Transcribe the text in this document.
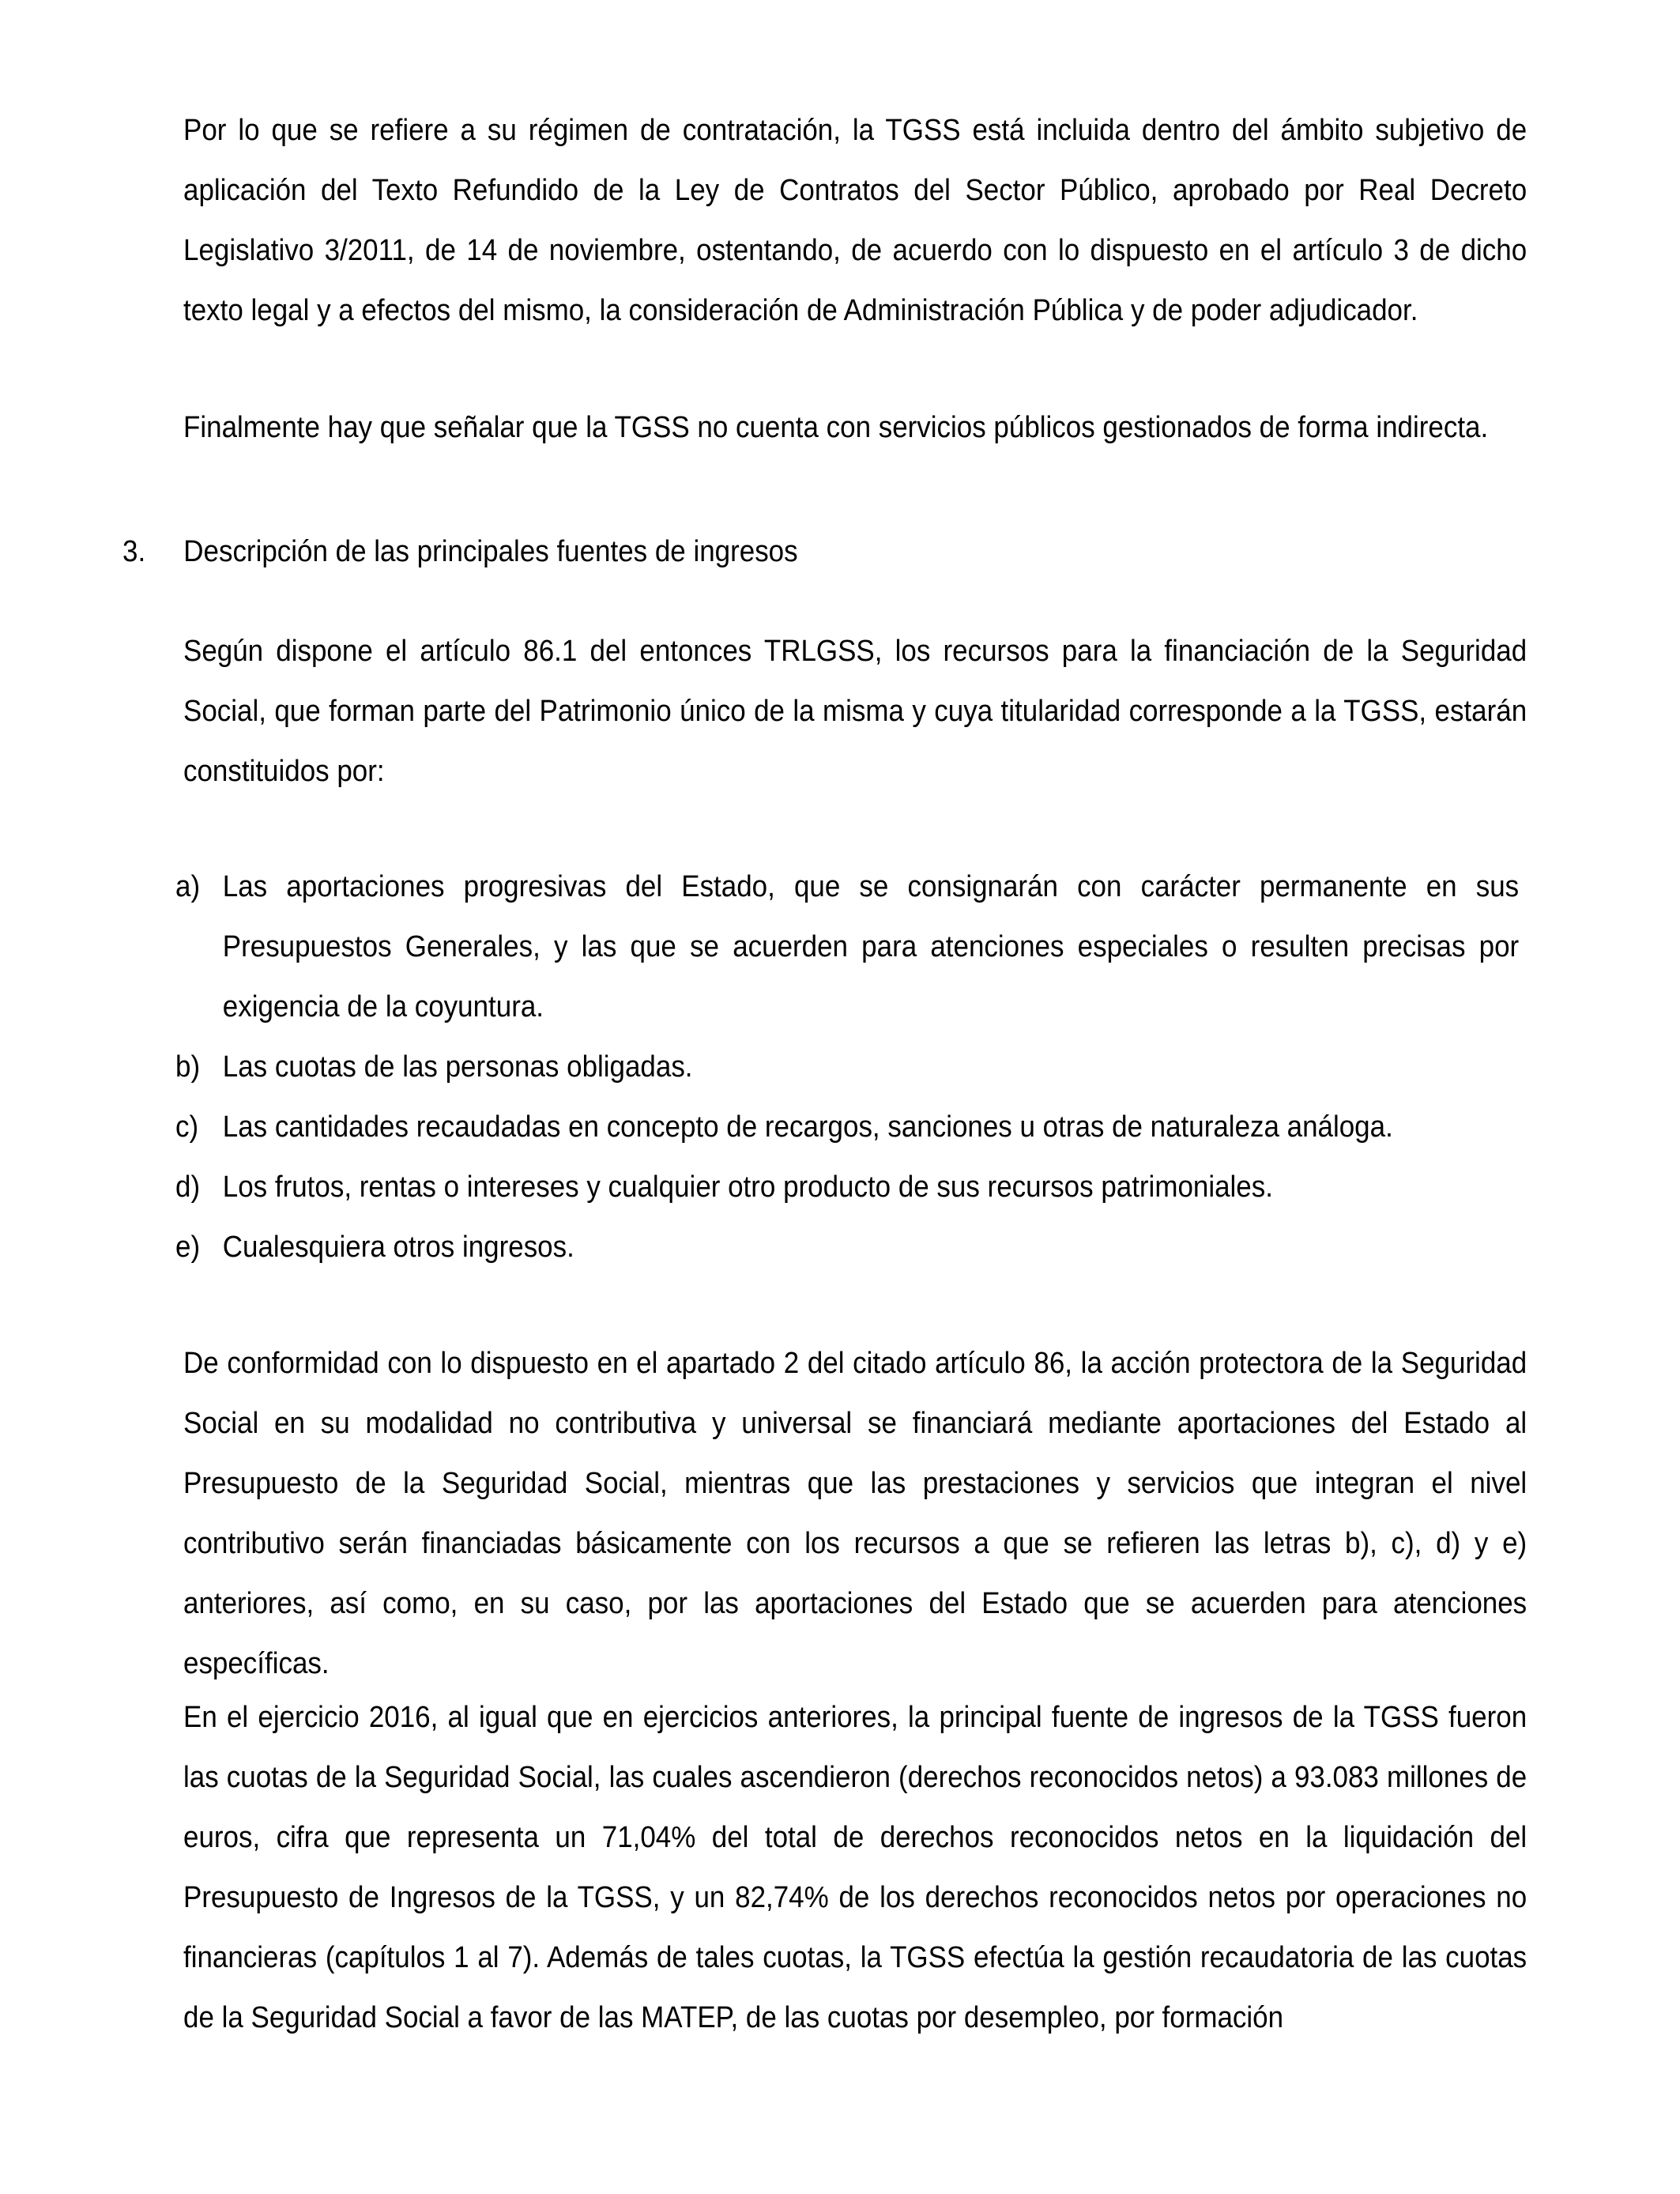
Por lo que se refiere a su régimen de contratación, la TGSS está incluida dentro del ámbito subjetivo de aplicación del Texto Refundido de la Ley de Contratos del Sector Público, aprobado por Real Decreto Legislativo 3/2011, de 14 de noviembre, ostentando, de acuerdo con lo dispuesto en el artículo 3 de dicho texto legal y a efectos del mismo, la consideración de Administración Pública y de poder adjudicador.

Finalmente hay que señalar que la TGSS no cuenta con servicios públicos gestionados de forma indirecta.

3. Descripción de las principales fuentes de ingresos

Según dispone el artículo 86.1 del entonces TRLGSS, los recursos para la financiación de la Seguridad Social, que forman parte del Patrimonio único de la misma y cuya titularidad corresponde a la TGSS, estarán constituidos por:

a) Las aportaciones progresivas del Estado, que se consignarán con carácter permanente en sus Presupuestos Generales, y las que se acuerden para atenciones especiales o resulten precisas por exigencia de la coyuntura.
b) Las cuotas de las personas obligadas.
c) Las cantidades recaudadas en concepto de recargos, sanciones u otras de naturaleza análoga.
d) Los frutos, rentas o intereses y cualquier otro producto de sus recursos patrimoniales.
e) Cualesquiera otros ingresos.

De conformidad con lo dispuesto en el apartado 2 del citado artículo 86, la acción protectora de la Seguridad Social en su modalidad no contributiva y universal se financiará mediante aportaciones del Estado al Presupuesto de la Seguridad Social, mientras que las prestaciones y servicios que integran el nivel contributivo serán financiadas básicamente con los recursos a que se refieren las letras b), c), d) y e) anteriores, así como, en su caso, por las aportaciones del Estado que se acuerden para atenciones específicas.

En el ejercicio 2016, al igual que en ejercicios anteriores, la principal fuente de ingresos de la TGSS fueron las cuotas de la Seguridad Social, las cuales ascendieron (derechos reconocidos netos) a 93.083 millones de euros, cifra que representa un 71,04% del total de derechos reconocidos netos en la liquidación del Presupuesto de Ingresos de la TGSS, y un 82,74% de los derechos reconocidos netos por operaciones no financieras (capítulos 1 al 7). Además de tales cuotas, la TGSS efectúa la gestión recaudatoria de las cuotas de la Seguridad Social a favor de las MATEP, de las cuotas por desempleo, por formación
